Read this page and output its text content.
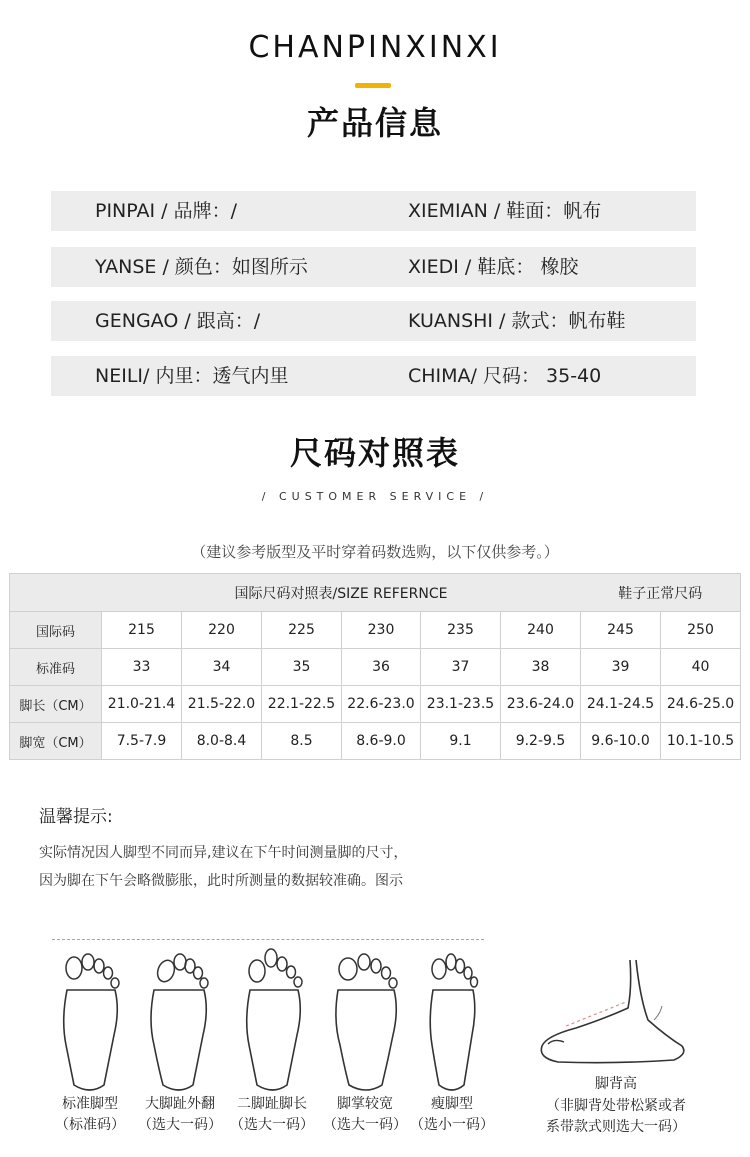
CHANPINXINXI
产品信息
PINPAI / 品牌：/	XIEMIAN / 鞋面：帆布
YANSE / 颜色：如图所示	XIEDI / 鞋底： 橡胶
GENGAO / 跟高：/	KUANSHI / 款式：帆布鞋
NEILI/ 内里：透气内里	CHIMA/ 尺码： 35-40
尺码对照表
/ CUSTOMER SERVICE /
（建议参考版型及平时穿着码数选购，以下仅供参考。）
	国际尺码对照表/SIZE REFERNCE						鞋子正常尺码	
国际码	215	220	225	230	235	240	245	250
标准码	33	34	35	36	37	38	39	40
脚长（CM）	21.0-21.4	21.5-22.0	22.1-22.5	22.6-23.0	23.1-23.5	23.6-24.0	24.1-24.5	24.6-25.0
脚宽（CM）	7.5-7.9	8.0-8.4	8.5	8.6-9.0	9.1	9.2-9.5	9.6-10.0	10.1-10.5
温馨提示:
实际情况因人脚型不同而异,建议在下午时间测量脚的尺寸，
因为脚在下午会略微膨胀，此时所测量的数据较准确。图示
标准脚型
（标准码）
大脚趾外翻
（选大一码）
二脚趾脚长
（选大一码）
脚掌较宽
（选大一码）
瘦脚型
（选小一码）
脚背高
（非脚背处带松紧或者
系带款式则选大一码）
